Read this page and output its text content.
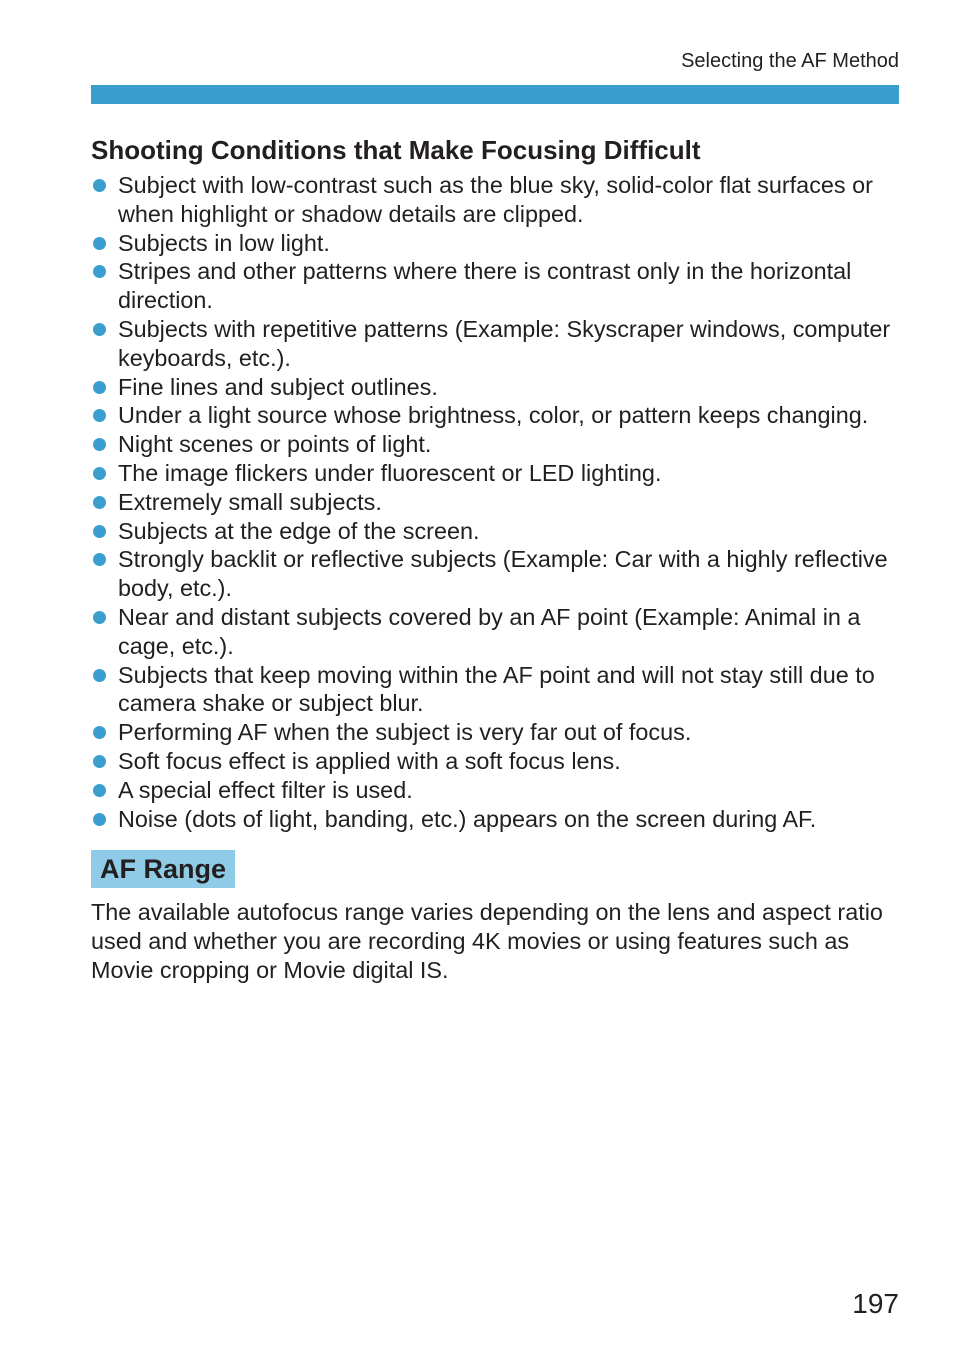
Selecting the AF Method
Shooting Conditions that Make Focusing Difficult
Subject with low-contrast such as the blue sky, solid-color flat surfaces or when highlight or shadow details are clipped.
Subjects in low light.
Stripes and other patterns where there is contrast only in the horizontal direction.
Subjects with repetitive patterns (Example: Skyscraper windows, computer keyboards, etc.).
Fine lines and subject outlines.
Under a light source whose brightness, color, or pattern keeps changing.
Night scenes or points of light.
The image flickers under fluorescent or LED lighting.
Extremely small subjects.
Subjects at the edge of the screen.
Strongly backlit or reflective subjects (Example: Car with a highly reflective body, etc.).
Near and distant subjects covered by an AF point (Example: Animal in a cage, etc.).
Subjects that keep moving within the AF point and will not stay still due to camera shake or subject blur.
Performing AF when the subject is very far out of focus.
Soft focus effect is applied with a soft focus lens.
A special effect filter is used.
Noise (dots of light, banding, etc.) appears on the screen during AF.
AF Range

The available autofocus range varies depending on the lens and aspect ratio used and whether you are recording 4K movies or using features such as Movie cropping or Movie digital IS.

197
